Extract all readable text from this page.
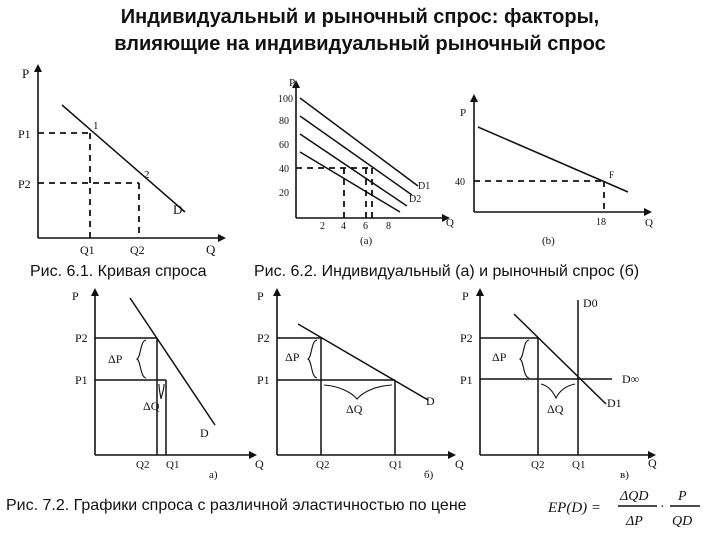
Индивидуальный и рыночный спрос: факторы,
влияющие на индивидуальный рыночный спрос
P
P1
P2
1
2
D
Q1	Q2	Q
P
100
80
60
40
20
2 4 6 8
D1
D2
Q
(a)
P
40
18
F
Q
(b)
P
P2
P1
ΔP
ΔQ
D
Q2 Q1	Q
а)
P
P2
P1
ΔP
ΔQ
D
Q2	Q1	Q
б)
P
P2
P1
ΔP
ΔQ
D0
D∞
D1
Q2	Q1	Q
в)
EP(D) =
ΔQD
ΔP
·
P
QD
Рис. 6.1. Кривая спроса	Рис. 6.2. Индивидуальный (а) и рыночный спрос (б)
Рис. 7.2. Графики спроса с различной эластичностью по цене
